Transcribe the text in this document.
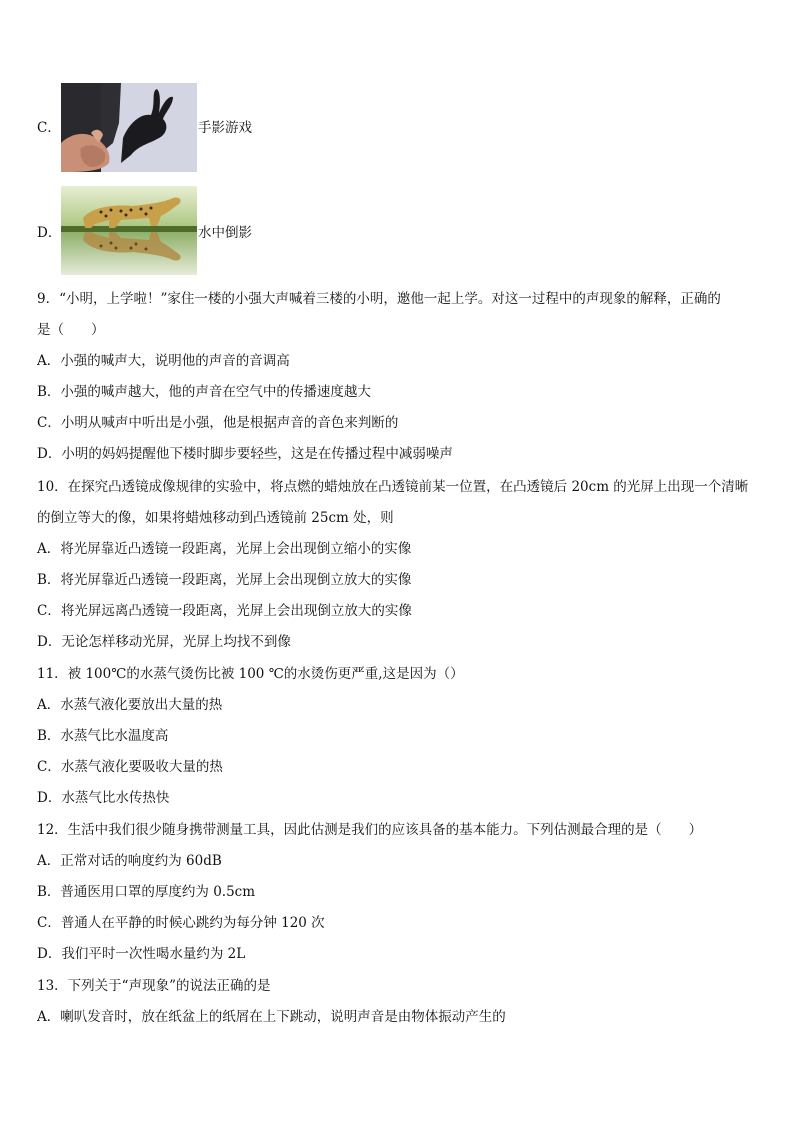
C．	手影游戏
D．	水中倒影
9．“小明，上学啦！”家住一楼的小强大声喊着三楼的小明，邀他一起上学。对这一过程中的声现象的解释，正确的
是（　　）
A．小强的喊声大，说明他的声音的音调高
B．小强的喊声越大，他的声音在空气中的传播速度越大
C．小明从喊声中听出是小强，他是根据声音的音色来判断的
D．小明的妈妈提醒他下楼时脚步要轻些，这是在传播过程中减弱噪声
10．在探究凸透镜成像规律的实验中，将点燃的蜡烛放在凸透镜前某一位置，在凸透镜后 20cm 的光屏上出现一个清晰
的倒立等大的像，如果将蜡烛移动到凸透镜前 25cm 处，则
A．将光屏靠近凸透镜一段距离，光屏上会出现倒立缩小的实像
B．将光屏靠近凸透镜一段距离，光屏上会出现倒立放大的实像
C．将光屏远离凸透镜一段距离，光屏上会出现倒立放大的实像
D．无论怎样移动光屏，光屏上均找不到像
11．被 100℃的水蒸气烫伤比被 100 ℃的水烫伤更严重,这是因为（）
A．水蒸气液化要放出大量的热
B．水蒸气比水温度高
C．水蒸气液化要吸收大量的热
D．水蒸气比水传热快
12．生活中我们很少随身携带测量工具，因此估测是我们的应该具备的基本能力。下列估测最合理的是（　　）
A．正常对话的响度约为 60dB
B．普通医用口罩的厚度约为 0.5cm
C．普通人在平静的时候心跳约为每分钟 120 次
D．我们平时一次性喝水量约为 2L
13．下列关于“声现象”的说法正确的是
A．喇叭发音时，放在纸盆上的纸屑在上下跳动，说明声音是由物体振动产生的
